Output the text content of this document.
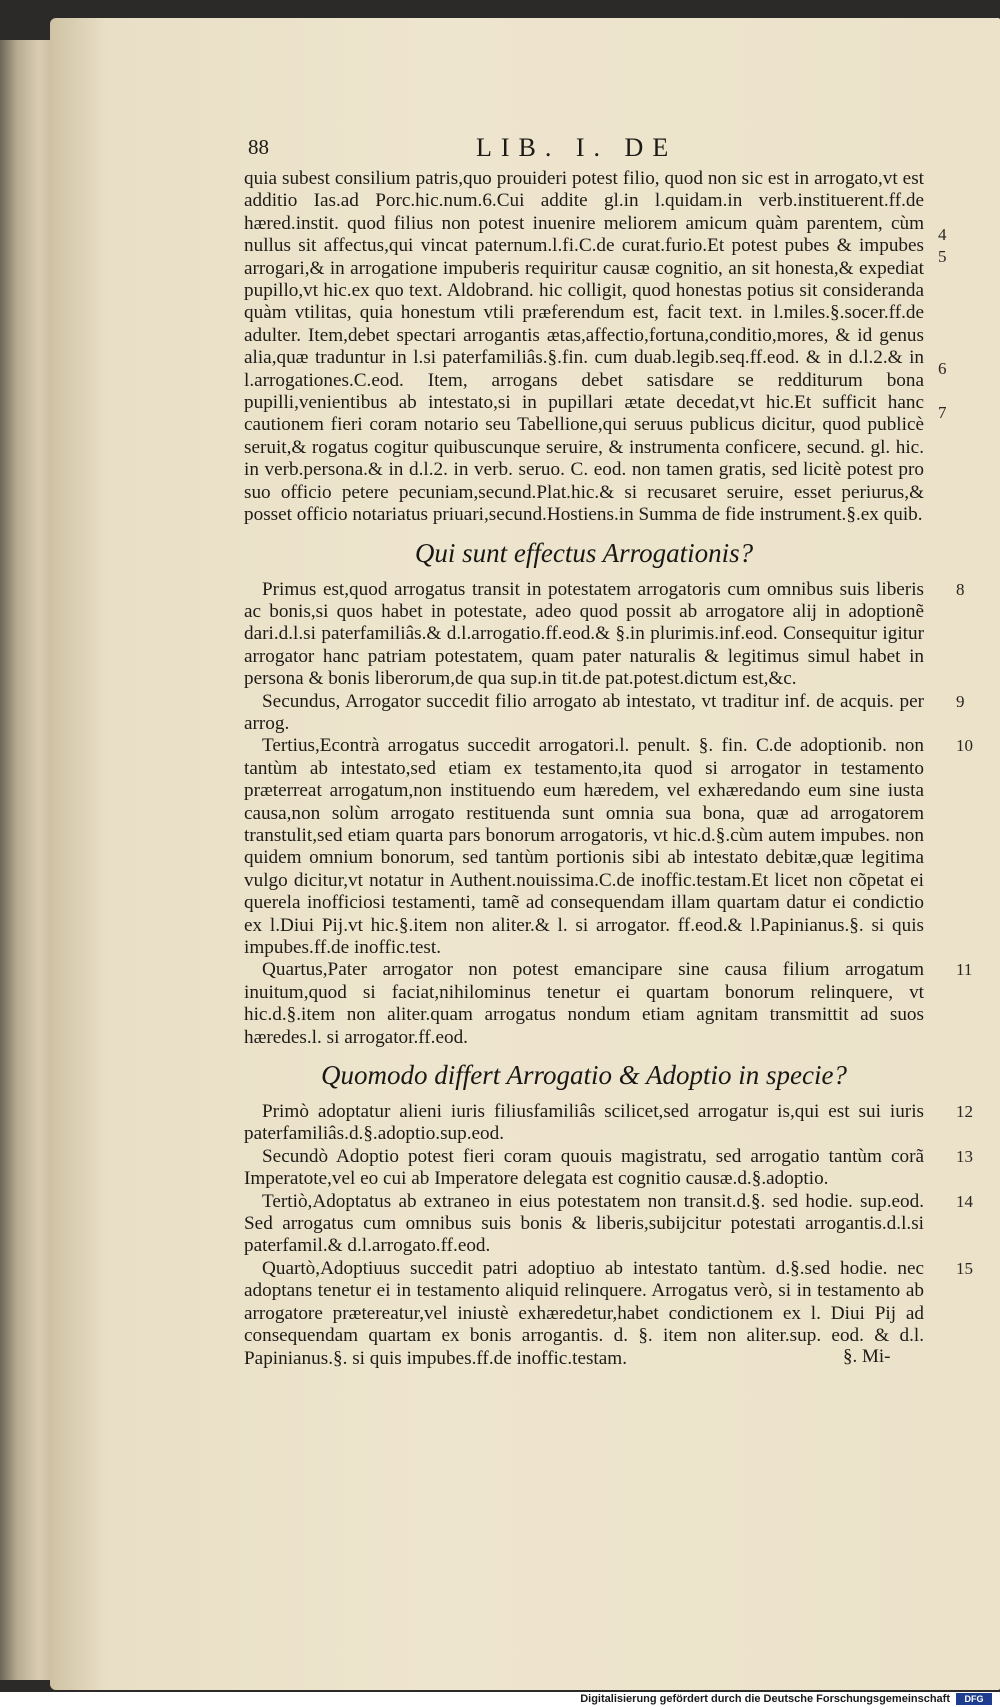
88	LIB. I. DE

quia subest consilium patris,quo prouideri potest filio, quod non sic est in arrogato,vt est additio Ias.ad Porc.hic.num.6.Cui addite gl.in l.quidam.in verb.instituerent.ff.de hæred.instit. quod filius non potest inuenire meliorem amicum quàm parentem, cùm nullus sit affectus,qui vincat paternum.l.fi.C.de curat.furio.Et potest pubes & impubes arrogari,& in arrogatione impuberis requiritur causæ cognitio, an sit honesta,& expediat pupillo,vt hic.ex quo text. Aldobrand. hic colligit, quod honestas potius sit consideranda quàm vtilitas, quia honestum vtili præferendum est, facit text. in l.miles.§.socer.ff.de adulter. Item,debet spectari arrogantis ætas,affectio,fortuna,conditio,mores, & id genus alia,quæ traduntur in l.si paterfamiliâs.§.fin. cum duab.legib.seq.ff.eod. & in d.l.2.& in l.arrogationes.C.eod. Item, arrogans debet satisdare se redditurum bona pupilli,venientibus ab intestato,si in pupillari ætate decedat,vt hic.Et sufficit hanc cautionem fieri coram notario seu Tabellione,qui seruus publicus dicitur, quod publicè seruit,& rogatus cogitur quibuscunque seruire, & instrumenta conficere, secund. gl. hic. in verb.persona.& in d.l.2. in verb. seruo. C. eod. non tamen gratis, sed licitè potest pro suo officio petere pecuniam,secund.Plat.hic.& si recusaret seruire, esset periurus,& posset officio notariatus priuari,secund.Hostiens.in Summa de fide instrument.§.ex quib.
4
5
6
7

Qui sunt effectus Arrogationis?

Primus est,quod arrogatus transit in potestatem arrogatoris cum omnibus suis liberis ac bonis,si quos habet in potestate, adeo quod possit ab arrogatore alij in adoptionẽ dari.d.l.si paterfamiliâs.& d.l.arrogatio.ff.eod.& §.in plurimis.inf.eod. Consequitur igitur arrogator hanc patriam potestatem, quam pater naturalis & legitimus simul habet in persona & bonis liberorum,de qua sup.in tit.de pat.potest.dictum est,&c.
8

Secundus, Arrogator succedit filio arrogato ab intestato, vt traditur inf. de acquis. per arrog.
9

Tertius,Econtrà arrogatus succedit arrogatori.l. penult. §. fin. C.de adoptionib. non tantùm ab intestato,sed etiam ex testamento,ita quod si arrogator in testamento præterreat arrogatum,non instituendo eum hæredem, vel exhæredando eum sine iusta causa,non solùm arrogato restituenda sunt omnia sua bona, quæ ad arrogatorem transtulit,sed etiam quarta pars bonorum arrogatoris, vt hic.d.§.cùm autem impubes. non quidem omnium bonorum, sed tantùm portionis sibi ab intestato debitæ,quæ legitima vulgo dicitur,vt notatur in Authent.nouissima.C.de inoffic.testam.Et licet non cõpetat ei querela inofficiosi testamenti, tamẽ ad consequendam illam quartam datur ei condictio ex l.Diui Pij.vt hic.§.item non aliter.& l. si arrogator. ff.eod.& l.Papinianus.§. si quis impubes.ff.de inoffic.test.
10

Quartus,Pater arrogator non potest emancipare sine causa filium arrogatum inuitum,quod si faciat,nihilominus tenetur ei quartam bonorum relinquere, vt hic.d.§.item non aliter.quam arrogatus nondum etiam agnitam transmittit ad suos hæredes.l. si arrogator.ff.eod.
11

Quomodo differt Arrogatio & Adoptio in specie?

Primò adoptatur alieni iuris filiusfamiliâs scilicet,sed arrogatur is,qui est sui iuris paterfamiliâs.d.§.adoptio.sup.eod.
12

Secundò Adoptio potest fieri coram quouis magistratu, sed arrogatio tantùm corã Imperatote,vel eo cui ab Imperatore delegata est cognitio causæ.d.§.adoptio.
13

Tertiò,Adoptatus ab extraneo in eius potestatem non transit.d.§. sed hodie. sup.eod. Sed arrogatus cum omnibus suis bonis & liberis,subijcitur potestati arrogantis.d.l.si paterfamil.& d.l.arrogato.ff.eod.
14

Quartò,Adoptiuus succedit patri adoptiuo ab intestato tantùm. d.§.sed hodie. nec adoptans tenetur ei in testamento aliquid relinquere. Arrogatus verò, si in testamento ab arrogatore prætereatur,vel iniustè exhæredetur,habet condictionem ex l. Diui Pij ad consequendam quartam ex bonis arrogantis. d. §. item non aliter.sup. eod. & d.l. Papinianus.§. si quis impubes.ff.de inoffic.testam.
15

§. Mi-
Digitalisierung gefördert durch die Deutsche Forschungsgemeinschaft	DFG
